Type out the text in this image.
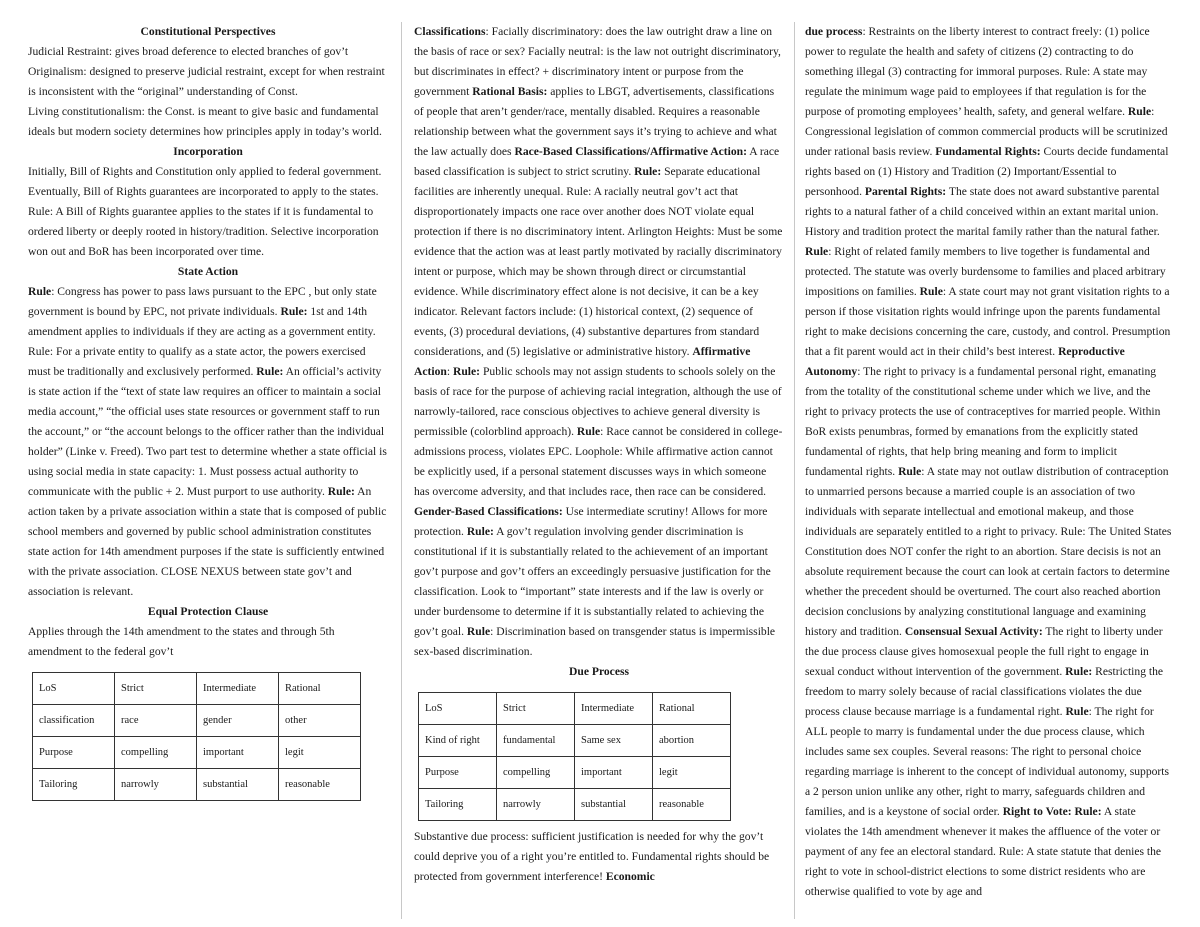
Constitutional Perspectives

Judicial Restraint: gives broad deference to elected branches of gov’t

Originalism: designed to preserve judicial restraint, except for when restraint is inconsistent with the “original” understanding of Const.

Living constitutionalism: the Const. is meant to give basic and fundamental ideals but modern society determines how principles apply in today’s world.

Incorporation

Initially, Bill of Rights and Constitution only applied to federal government. Eventually, Bill of Rights guarantees are incorporated to apply to the states. Rule: A Bill of Rights guarantee applies to the states if it is fundamental to ordered liberty or deeply rooted in history/tradition. Selective incorporation won out and BoR has been incorporated over time.

State Action

Rule: Congress has power to pass laws pursuant to the EPC , but only state government is bound by EPC, not private individuals. Rule: 1st and 14th amendment applies to individuals if they are acting as a government entity. Rule: For a private entity to qualify as a state actor, the powers exercised must be traditionally and exclusively performed. Rule: An official’s activity is state action if the “text of state law requires an officer to maintain a social media account,” “the official uses state resources or government staff to run the account,” or “the account belongs to the officer rather than the individual holder” (Linke v. Freed). Two part test to determine whether a state official is using social media in state capacity: 1. Must possess actual authority to communicate with the public + 2. Must purport to use authority. Rule: An action taken by a private association within a state that is composed of public school members and governed by public school administration constitutes state action for 14th amendment purposes if the state is sufficiently entwined with the private association. CLOSE NEXUS between state gov’t and association is relevant.

Equal Protection Clause

Applies through the 14th amendment to the states and through 5th amendment to the federal gov’t

LoS	Strict	Intermediate	Rational
classification	race	gender	other
Purpose	compelling	important	legit
Tailoring	narrowly	substantial	reasonable

Classifications: Facially discriminatory: does the law outright draw a line on the basis of race or sex? Facially neutral: is the law not outright discriminatory, but discriminates in effect? + discriminatory intent or purpose from the government Rational Basis: applies to LBGT, advertisements, classifications of people that aren’t gender/race, mentally disabled. Requires a reasonable relationship between what the government says it’s trying to achieve and what the law actually does Race-Based Classifications/Affirmative Action: A race based classification is subject to strict scrutiny. Rule: Separate educational facilities are inherently unequal. Rule: A racially neutral gov’t act that disproportionately impacts one race over another does NOT violate equal protection if there is no discriminatory intent. Arlington Heights: Must be some evidence that the action was at least partly motivated by racially discriminatory intent or purpose, which may be shown through direct or circumstantial evidence. While discriminatory effect alone is not decisive, it can be a key indicator. Relevant factors include: (1) historical context, (2) sequence of events, (3) procedural deviations, (4) substantive departures from standard considerations, and (5) legislative or administrative history. Affirmative Action: Rule: Public schools may not assign students to schools solely on the basis of race for the purpose of achieving racial integration, although the use of narrowly-tailored, race conscious objectives to achieve general diversity is permissible (colorblind approach). Rule: Race cannot be considered in college-admissions process, violates EPC. Loophole: While affirmative action cannot be explicitly used, if a personal statement discusses ways in which someone has overcome adversity, and that includes race, then race can be considered. Gender-Based Classifications: Use intermediate scrutiny! Allows for more protection. Rule: A gov’t regulation involving gender discrimination is constitutional if it is substantially related to the achievement of an important gov’t purpose and gov’t offers an exceedingly persuasive justification for the classification. Look to “important” state interests and if the law is overly or under burdensome to determine if it is substantially related to achieving the gov’t goal. Rule: Discrimination based on transgender status is impermissible sex-based discrimination.

Due Process

LoS	Strict	Intermediate	Rational
Kind of right	fundamental	Same sex	abortion
Purpose	compelling	important	legit
Tailoring	narrowly	substantial	reasonable

Substantive due process: sufficient justification is needed for why the gov’t could deprive you of a right you’re entitled to. Fundamental rights should be protected from government interference! Economic

due process: Restraints on the liberty interest to contract freely: (1) police power to regulate the health and safety of citizens (2) contracting to do something illegal (3) contracting for immoral purposes. Rule: A state may regulate the minimum wage paid to employees if that regulation is for the purpose of promoting employees’ health, safety, and general welfare. Rule: Congressional legislation of common commercial products will be scrutinized under rational basis review. Fundamental Rights: Courts decide fundamental rights based on (1) History and Tradition (2) Important/Essential to personhood. Parental Rights: The state does not award substantive parental rights to a natural father of a child conceived within an extant marital union. History and tradition protect the marital family rather than the natural father. Rule: Right of related family members to live together is fundamental and protected. The statute was overly burdensome to families and placed arbitrary impositions on families. Rule: A state court may not grant visitation rights to a person if those visitation rights would infringe upon the parents fundamental right to make decisions concerning the care, custody, and control. Presumption that a fit parent would act in their child’s best interest. Reproductive Autonomy: The right to privacy is a fundamental personal right, emanating from the totality of the constitutional scheme under which we live, and the right to privacy protects the use of contraceptives for married people. Within BoR exists penumbras, formed by emanations from the explicitly stated fundamental of rights, that help bring meaning and form to implicit fundamental rights. Rule: A state may not outlaw distribution of contraception to unmarried persons because a married couple is an association of two individuals with separate intellectual and emotional makeup, and those individuals are separately entitled to a right to privacy. Rule: The United States Constitution does NOT confer the right to an abortion. Stare decisis is not an absolute requirement because the court can look at certain factors to determine whether the precedent should be overturned. The court also reached abortion decision conclusions by analyzing constitutional language and examining history and tradition. Consensual Sexual Activity: The right to liberty under the due process clause gives homosexual people the full right to engage in sexual conduct without intervention of the government. Rule: Restricting the freedom to marry solely because of racial classifications violates the due process clause because marriage is a fundamental right. Rule: The right for ALL people to marry is fundamental under the due process clause, which includes same sex couples. Several reasons: The right to personal choice regarding marriage is inherent to the concept of individual autonomy, supports a 2 person union unlike any other, right to marry, safeguards children and families, and is a keystone of social order. Right to Vote: Rule: A state violates the 14th amendment whenever it makes the affluence of the voter or payment of any fee an electoral standard. Rule: A state statute that denies the right to vote in school-district elections to some district residents who are otherwise qualified to vote by age and
